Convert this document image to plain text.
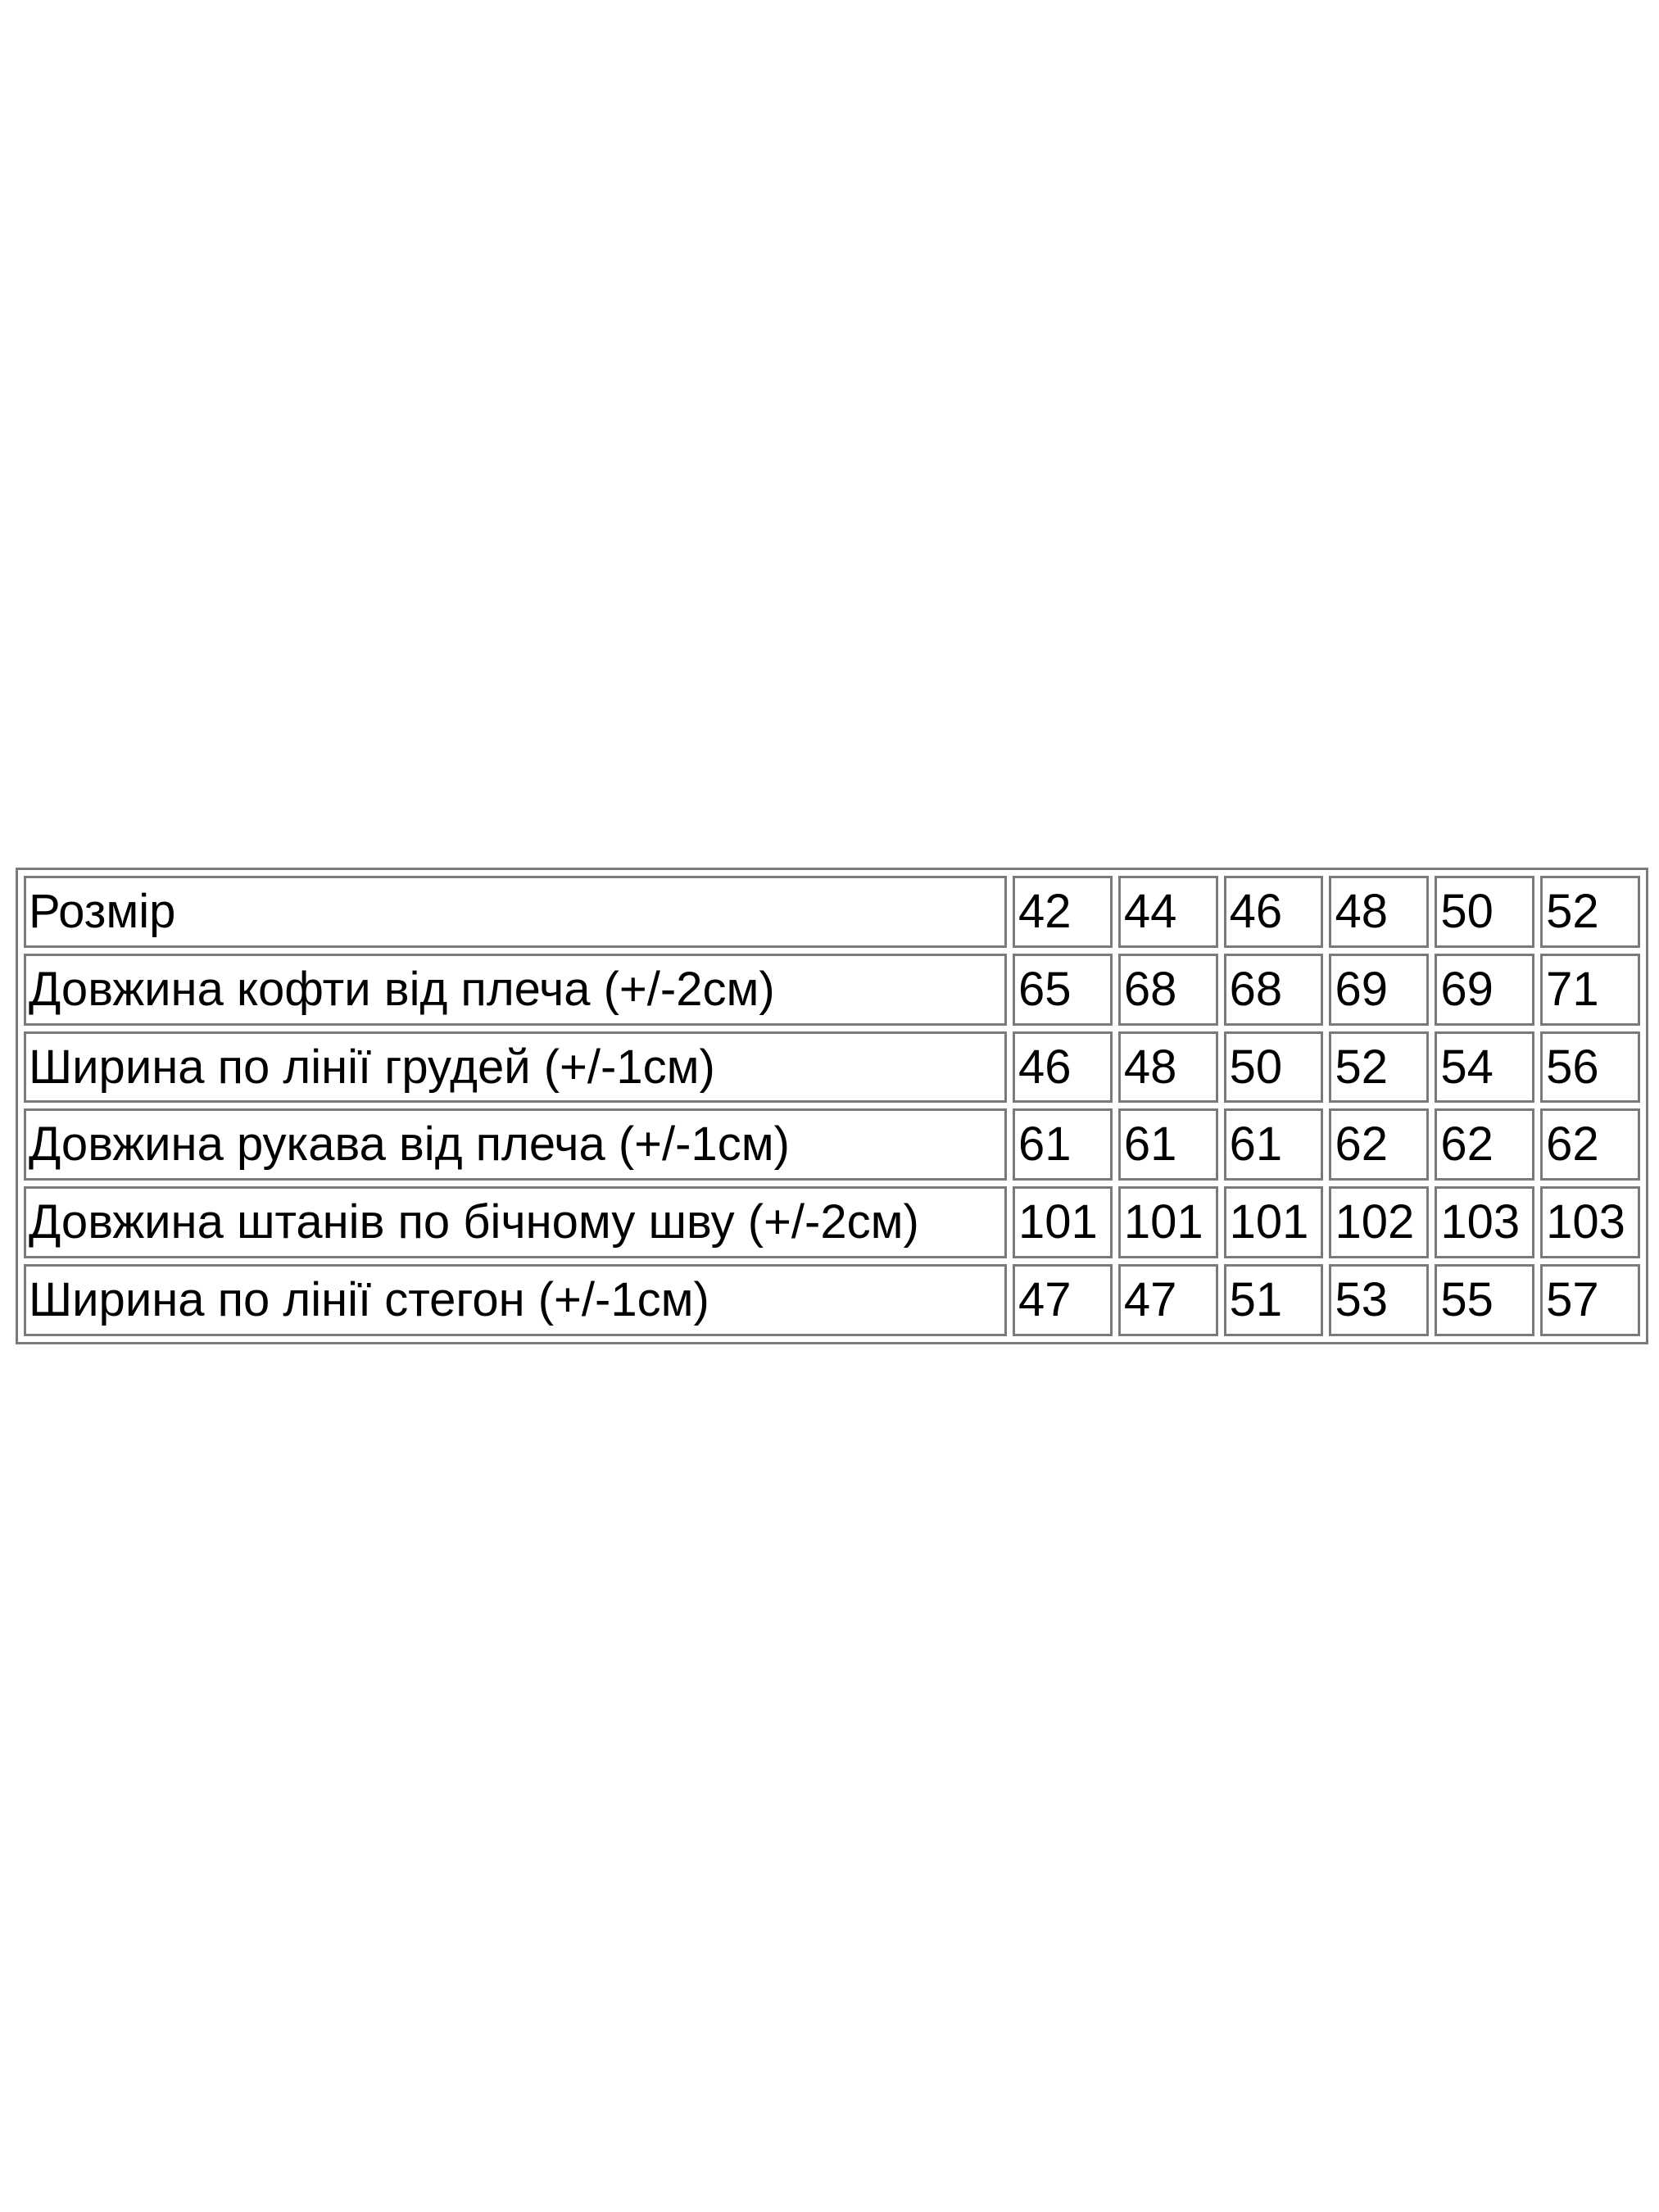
Розмір	42	44	46	48	50	52
Довжина кофти від плеча (+/-2см)	65	68	68	69	69	71
Ширина по лінії грудей (+/-1см)	46	48	50	52	54	56
Довжина рукава від плеча (+/-1см)	61	61	61	62	62	62
Довжина штанів по бічному шву (+/-2см)	101	101	101	102	103	103
Ширина по лінії стегон (+/-1см)	47	47	51	53	55	57
